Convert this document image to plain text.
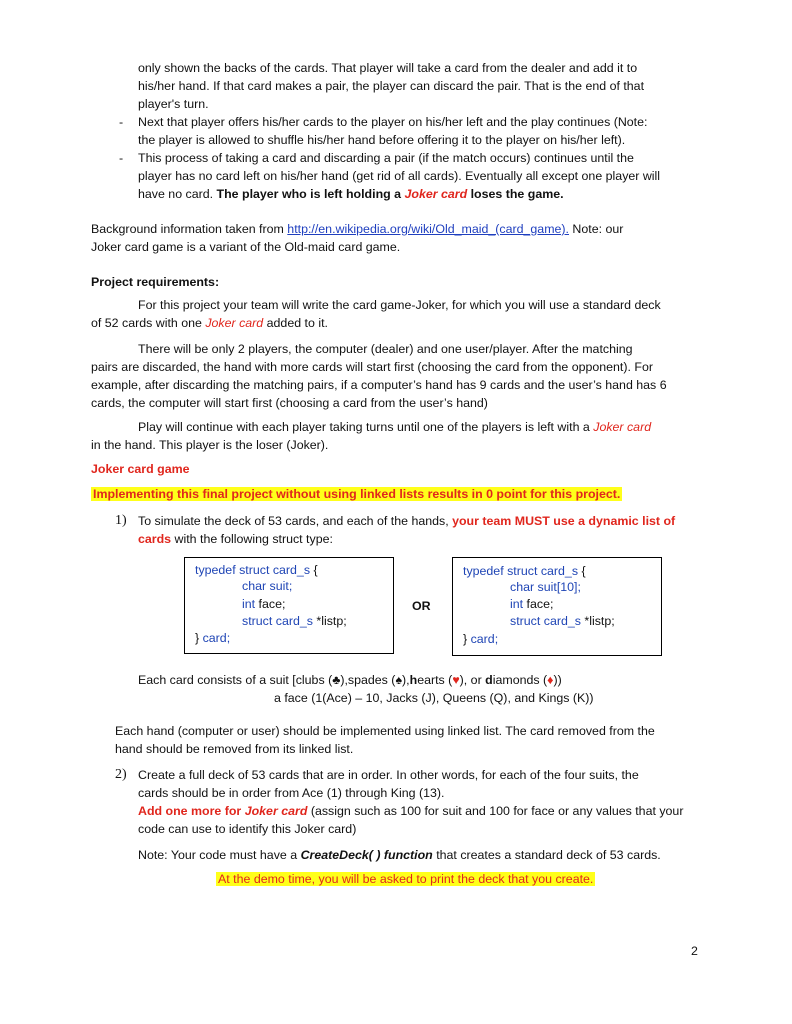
only shown the backs of the cards. That player will take a card from the dealer and add it to
his/her hand. If that card makes a pair, the player can discard the pair. That is the end of that
player's turn.
- Next that player offers his/her cards to the player on his/her left and the play continues (Note:
the player is allowed to shuffle his/her hand before offering it to the player on his/her left).
- This process of taking a card and discarding a pair (if the match occurs) continues until the
player has no card left on his/her hand (get rid of all cards). Eventually all except one player will
have no card. The player who is left holding a Joker card loses the game.
Background information taken from http://en.wikipedia.org/wiki/Old_maid_(card_game). Note: our
Joker card game is a variant of the Old-maid card game.
Project requirements:
For this project your team will write the card game-Joker, for which you will use a standard deck
of 52 cards with one Joker card added to it.
There will be only 2 players, the computer (dealer) and one user/player. After the matching
pairs are discarded, the hand with more cards will start first (choosing the card from the opponent). For
example, after discarding the matching pairs, if a computer’s hand has 9 cards and the user’s hand has 6
cards, the computer will start first (choosing a card from the user’s hand)
Play will continue with each player taking turns until one of the players is left with a Joker card
in the hand. This player is the loser (Joker).
Joker card game
Implementing this final project without using linked lists results in 0 point for this project.
1) To simulate the deck of 53 cards, and each of the hands, your team MUST use a dynamic list of
cards with the following struct type:
typedef struct card_s {
char suit;
int face;
struct card_s *listp;
} card;
OR
typedef struct card_s {
char suit[10];
int face;
struct card_s *listp;
} card;
Each card consists of a suit [clubs (♣),spades (♠),hearts (♥), or diamonds (♦))
a face (1(Ace) – 10, Jacks (J), Queens (Q), and Kings (K))
Each hand (computer or user) should be implemented using linked list. The card removed from the
hand should be removed from its linked list.
2) Create a full deck of 53 cards that are in order. In other words, for each of the four suits, the
cards should be in order from Ace (1) through King (13).
Add one more for Joker card (assign such as 100 for suit and 100 for face or any values that your
code can use to identify this Joker card)
Note: Your code must have a CreateDeck( ) function that creates a standard deck of 53 cards.
At the demo time, you will be asked to print the deck that you create.
2
